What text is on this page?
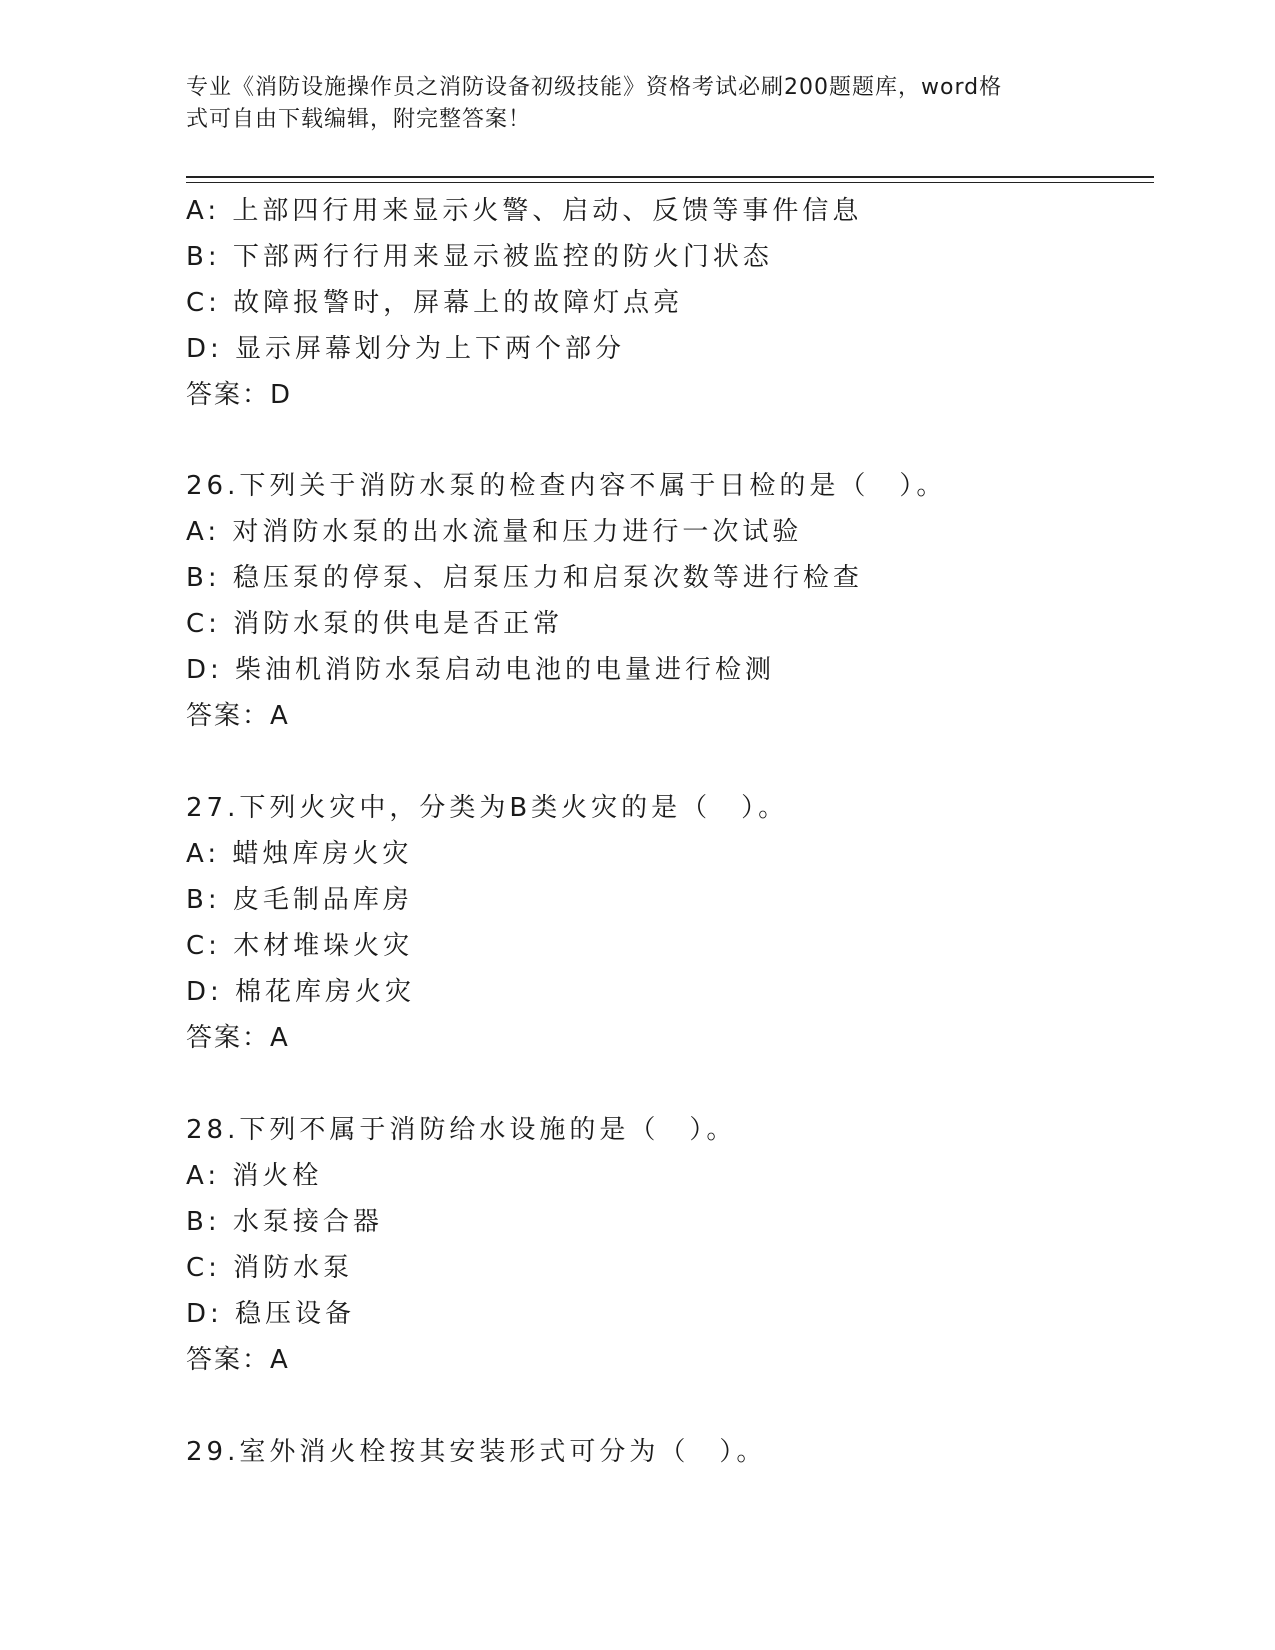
专业《消防设施操作员之消防设备初级技能》资格考试必刷200题题库，word格
式可自由下载编辑，附完整答案！
A: 上部四行用来显示火警、启动、反馈等事件信息
B: 下部两行行用来显示被监控的防火门状态
C: 故障报警时，屏幕上的故障灯点亮
D: 显示屏幕划分为上下两个部分
答案：D
26.下列关于消防水泵的检查内容不属于日检的是（　）。
A: 对消防水泵的出水流量和压力进行一次试验
B: 稳压泵的停泵、启泵压力和启泵次数等进行检查
C: 消防水泵的供电是否正常
D: 柴油机消防水泵启动电池的电量进行检测
答案：A
27.下列火灾中，分类为B类火灾的是（　）。
A: 蜡烛库房火灾
B: 皮毛制品库房
C: 木材堆垛火灾
D: 棉花库房火灾
答案：A
28.下列不属于消防给水设施的是（　）。
A: 消火栓
B: 水泵接合器
C: 消防水泵
D: 稳压设备
答案：A
29.室外消火栓按其安装形式可分为（　）。
